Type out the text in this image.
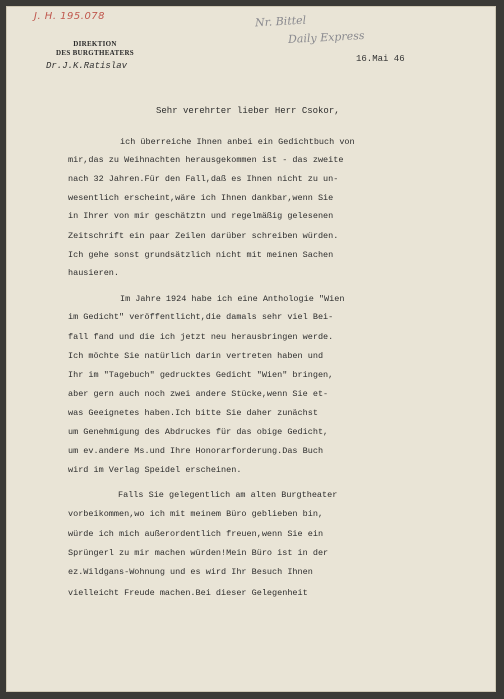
J. H. 195.078	Nr. Bittel
Daily Express
DIREKTION
DES BURGTHEATERS
Dr.J.K.Ratislav
16.Mai 46
Sehr verehrter lieber Herr Csokor,
ich überreiche Ihnen anbei ein Gedichtbuch von
mir,das zu Weihnachten herausgekommen ist - das zweite
nach 32 Jahren.Für den Fall,daß es Ihnen nicht zu un-
wesentlich erscheint,wäre ich Ihnen dankbar,wenn Sie
in Ihrer von mir geschätztn und regelmäßig gelesenen
Zeitschrift ein paar Zeilen darüber schreiben würden.
Ich gehe sonst grundsätzlich nicht mit meinen Sachen
hausieren.
Im Jahre 1924 habe ich eine Anthologie "Wien
im Gedicht" veröffentlicht,die damals sehr viel Bei-
fall fand und die ich jetzt neu herausbringen werde.
Ich möchte Sie natürlich darin vertreten haben und
Ihr im "Tagebuch" gedrucktes Gedicht "Wien" bringen,
aber gern auch noch zwei andere Stücke,wenn Sie et-
was Geeignetes haben.Ich bitte Sie daher zunächst
um Genehmigung des Abdruckes für das obige Gedicht,
um ev.andere Ms.und Ihre Honorarforderung.Das Buch
wird im Verlag Speidel erscheinen.
Falls Sie gelegentlich am alten Burgtheater
vorbeikommen,wo ich mit meinem Büro geblieben bin,
würde ich mich außerordentlich freuen,wenn Sie ein
Sprüngerl zu mir machen würden!Mein Büro ist in der
ez.Wildgans-Wohnung und es wird Ihr Besuch Ihnen
vielleicht Freude machen.Bei dieser Gelegenheit
